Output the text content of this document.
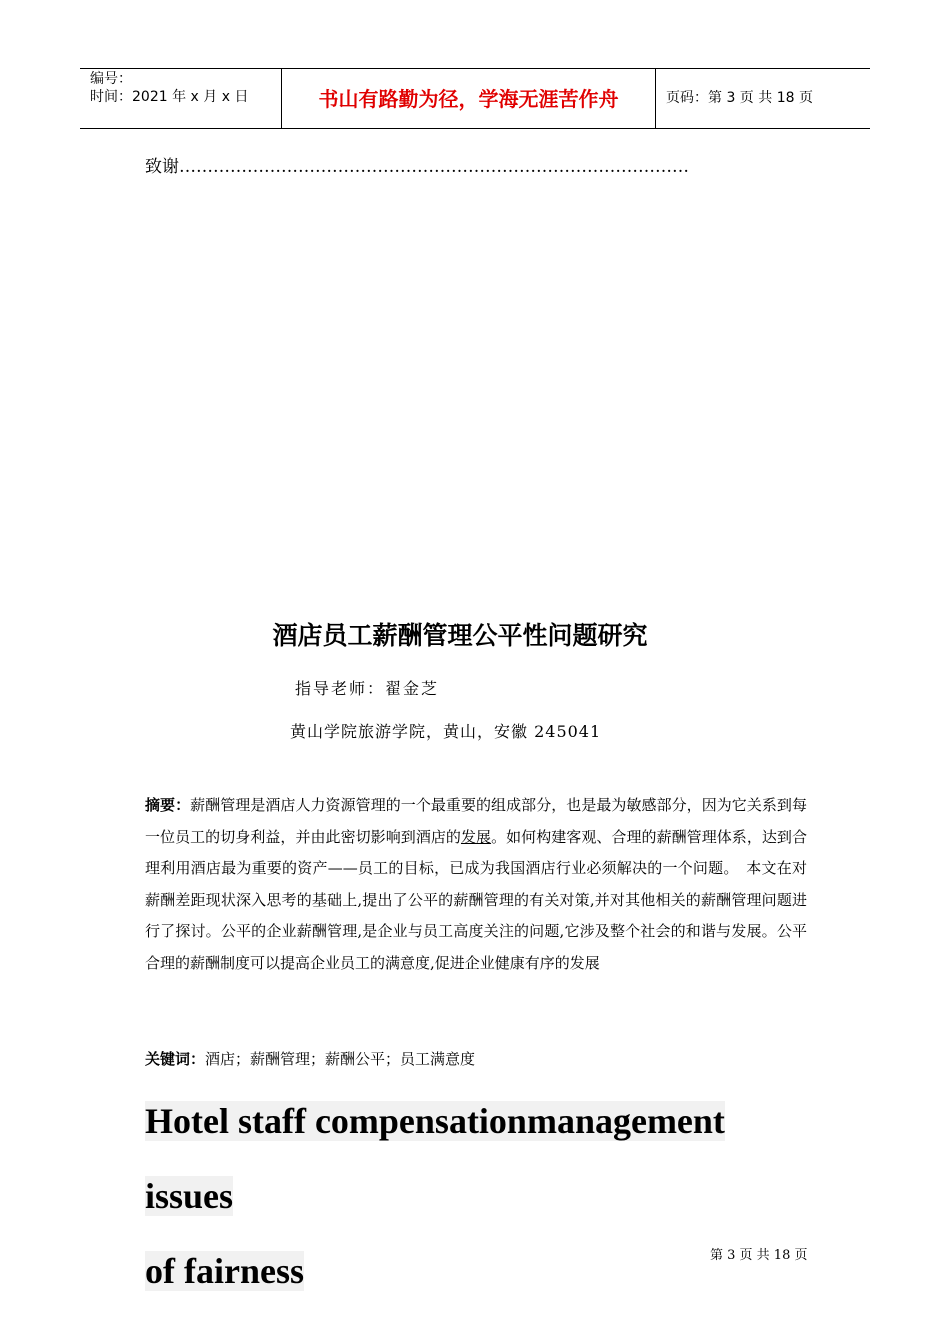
编号：
时间：2021 年 x 月 x 日	书山有路勤为径，学海无涯苦作舟	页码：第 3 页 共 18 页
致谢………………………………………………………………………………
酒店员工薪酬管理公平性问题研究
指导老师：翟金芝
黄山学院旅游学院，黄山，安徽 245041
摘要：薪酬管理是酒店人力资源管理的一个最重要的组成部分，也是最为敏感部分，因为它关系到每一位员工的切身利益，并由此密切影响到酒店的发展。如何构建客观、合理的薪酬管理体系，达到合理利用酒店最为重要的资产——员工的目标，已成为我国酒店行业必须解决的一个问题。　本文在对薪酬差距现状深入思考的基础上,提出了公平的薪酬管理的有关对策,并对其他相关的薪酬管理问题进行了探讨。公平的企业薪酬管理,是企业与员工高度关注的问题,它涉及整个社会的和谐与发展。公平合理的薪酬制度可以提高企业员工的满意度,促进企业健康有序的发展
关键词：酒店；薪酬管理；薪酬公平；员工满意度
Hotel staff compensationmanagement issues
of fairness	第 3 页 共 18 页
